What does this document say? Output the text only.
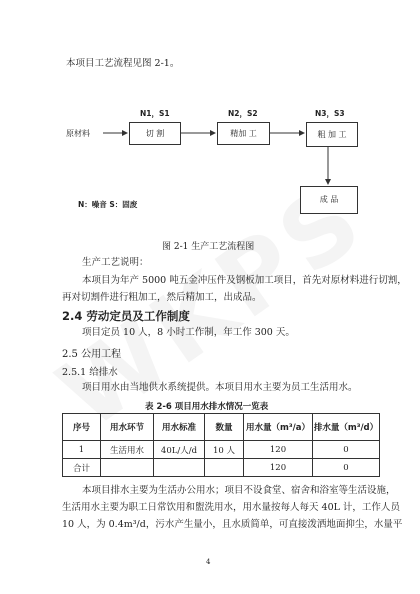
本项目工艺流程见图 2-1。
原材料
N1，S1
切 割
N2，S2
精加 工
N3，S3
粗 加 工
成 品
N：噪音 S：固废
图 2-1 生产工艺流程图
生产工艺说明：
本项目为年产 5000 吨五金冲压件及钢板加工项目，首先对原材料进行切割，
再对切割件进行粗加工，然后精加工，出成品。
2.4 劳动定员及工作制度
项目定员 10 人，8 小时工作制，年工作 300 天。
2.5 公用工程
2.5.1 给排水
项目用水由当地供水系统提供。本项目用水主要为员工生活用水。
表 2-6 项目用水排水情况一览表
序号	用水环节	用水标准	数量	用水量（m³/a）	排水量（m³/d）
1	生活用水	40L/人/d	10 人	120	0
合计				120	0
本项目排水主要为生活办公用水；项目不设食堂、宿舍和浴室等生活设施，
生活用水主要为职工日常饮用和盥洗用水，用水量按每人每天 40L 计，工作人员
10 人，为 0.4m³/d，污水产生量小，且水质简单，可直接泼洒地面抑尘，水量平
4
